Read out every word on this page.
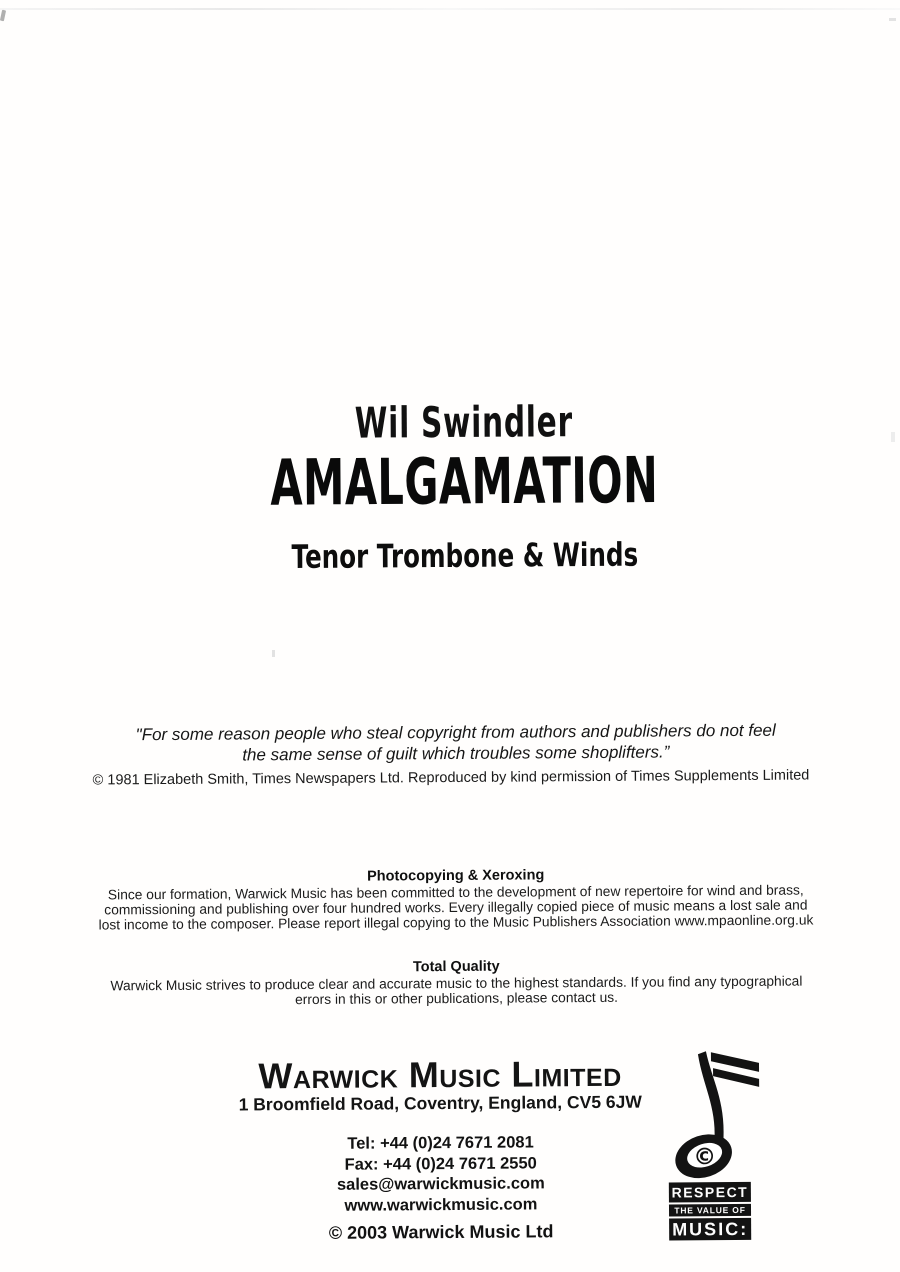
Wil Swindler
AMALGAMATION
Tenor Trombone & Winds
"For some reason people who steal copyright from authors and publishers do not feel
the same sense of guilt which troubles some shoplifters.”
© 1981 Elizabeth Smith, Times Newspapers Ltd. Reproduced by kind permission of Times Supplements Limited
Photocopying & Xeroxing
Since our formation, Warwick Music has been committed to the development of new repertoire for wind and brass,
commissioning and publishing over four hundred works. Every illegally copied piece of music means a lost sale and
lost income to the composer. Please report illegal copying to the Music Publishers Association www.mpaonline.org.uk
Total Quality
Warwick Music strives to produce clear and accurate music to the highest standards. If you find any typographical
errors in this or other publications, please contact us.
Warwick Music Limited
1 Broomfield Road, Coventry, England, CV5 6JW
Tel: +44 (0)24 7671 2081
Fax: +44 (0)24 7671 2550
sales@warwickmusic.com
www.warwickmusic.com
© 2003 Warwick Music Ltd
©
RESPECT
THE VALUE OF
MUSIC:
